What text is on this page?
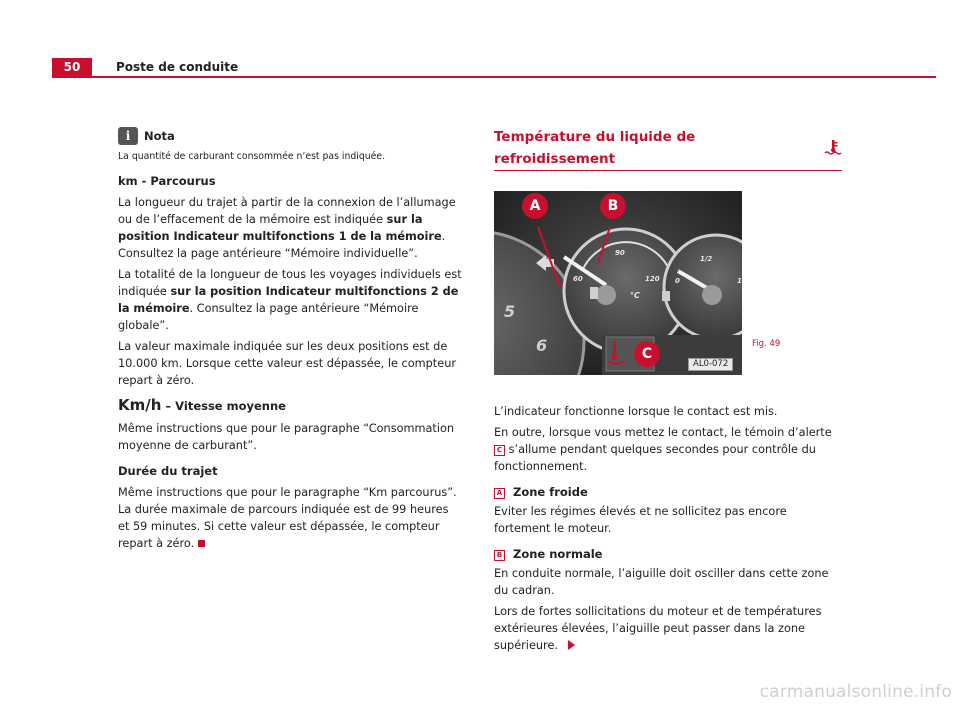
50	Poste de conduite
i	Nota

La quantité de carburant consommée n’est pas indiquée.

km - Parcourus

La longueur du trajet à partir de la connexion de l’allumage ou de l’effacement de la mémoire est indiquée sur la position Indicateur multifonctions 1 de la mémoire. Consultez la page antérieure “Mémoire individuelle”.

La totalité de la longueur de tous les voyages individuels est indiquée sur la position Indicateur multifonctions 2 de la mémoire. Consultez la page antérieure “Mémoire globale”.

La valeur maximale indiquée sur les deux positions est de 10.000 km. Lorsque cette valeur est dépassée, le compteur repart à zéro.

Km/h – Vitesse moyenne

Même instructions que pour le paragraphe “Consommation moyenne de carburant”.

Durée du trajet

Même instructions que pour le paragraphe “Km parcourus”. La durée maximale de parcours indiquée est de 99 heures et 59 minutes. Si cette valeur est dépassée, le compteur repart à zéro.

Température du liquide de refroidissement
60
90
120
°C
0
1/2
1
5
6
A	B
C
AL0-072
Fig. 49

L’indicateur fonctionne lorsque le contact est mis.

En outre, lorsque vous mettez le contact, le témoin d’alerte C s’allume pendant quelques secondes pour contrôle du fonctionnement.

A Zone froide

Eviter les régimes élevés et ne sollicitez pas encore fortement le moteur.

B Zone normale

En conduite normale, l’aiguille doit osciller dans cette zone du cadran.

Lors de fortes sollicitations du moteur et de températures extérieures élevées, l’aiguille peut passer dans la zone supérieure.

carmanualsonline.info
